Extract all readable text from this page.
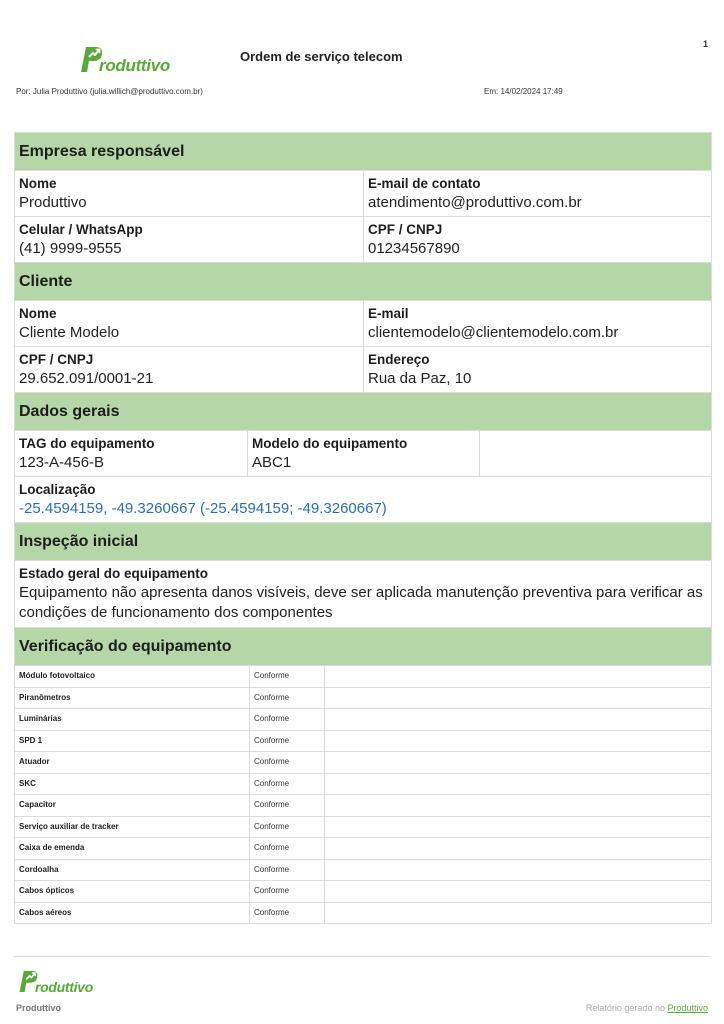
1
roduttivo	Ordem de serviço telecom
Por: Julia Produttivo (julia.willich@produttivo.com.br)	Em: 14/02/2024 17:49
Empresa responsável
Nome
Produttivo
E-mail de contato
atendimento@produttivo.com.br
Celular / WhatsApp
(41) 9999-9555
CPF / CNPJ
01234567890
Cliente
Nome
Cliente Modelo
E-mail
clientemodelo@clientemodelo.com.br
CPF / CNPJ
29.652.091/0001-21
Endereço
Rua da Paz, 10
Dados gerais
TAG do equipamento
123-A-456-B
Modelo do equipamento
ABC1
Localização
-25.4594159, -49.3260667 (-25.4594159; -49.3260667)
Inspeção inicial
Estado geral do equipamento
Equipamento não apresenta danos visíveis, deve ser aplicada manutenção preventiva para verificar as condições de funcionamento dos componentes
Verificação do equipamento
Módulo fotovoltaico	Conforme
Piranômetros	Conforme
Luminárias	Conforme
SPD 1	Conforme
Atuador	Conforme
SKC	Conforme
Capacitor	Conforme
Serviço auxiliar de tracker	Conforme
Caixa de emenda	Conforme
Cordoalha	Conforme
Cabos ópticos	Conforme
Cabos aéreos	Conforme
roduttivo
Produttivo	Relatório gerado no Produttivo
